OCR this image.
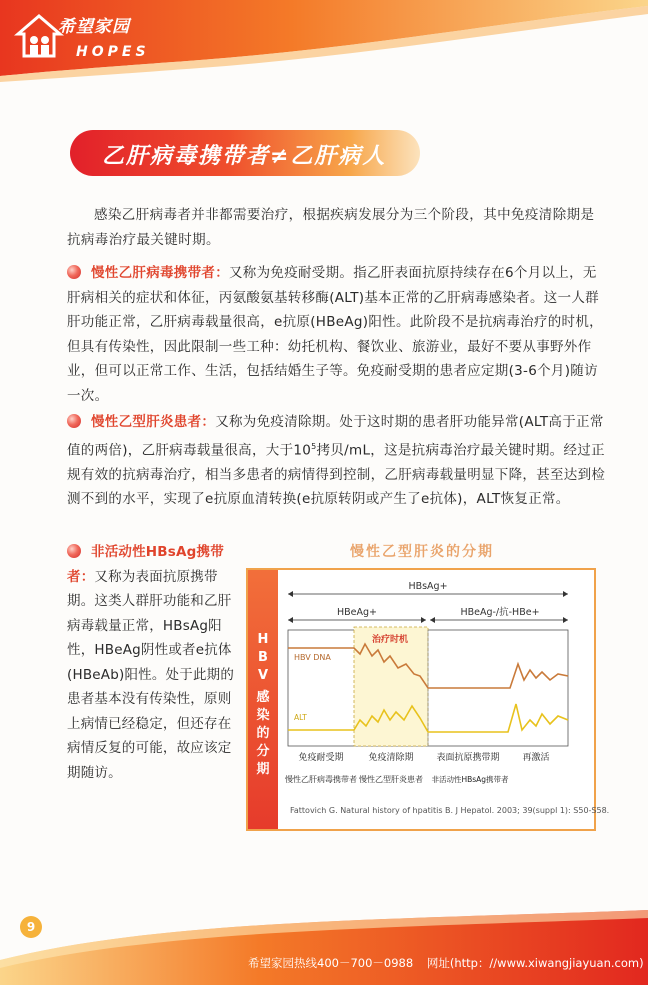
希望家园
HOPES
乙肝病毒携带者≠乙肝病人
感染乙肝病毒者并非都需要治疗，根据疾病发展分为三个阶段，其中免疫清除期是抗病毒治疗最关键时期。
慢性乙肝病毒携带者：又称为免疫耐受期。指乙肝表面抗原持续存在6个月以上，无肝病相关的症状和体征，丙氨酸氨基转移酶(ALT)基本正常的乙肝病毒感染者。这一人群肝功能正常，乙肝病毒载量很高，e抗原(HBeAg)阳性。此阶段不是抗病毒治疗的时机，但具有传染性，因此限制一些工种：幼托机构、餐饮业、旅游业，最好不要从事野外作业，但可以正常工作、生活，包括结婚生子等。免疫耐受期的患者应定期(3-6个月)随访一次。
慢性乙型肝炎患者：又称为免疫清除期。处于这时期的患者肝功能异常(ALT高于正常值的两倍)，乙肝病毒载量很高，大于$10^5$拷贝/mL，这是抗病毒治疗最关键时期。经过正规有效的抗病毒治疗，相当多患者的病情得到控制，乙肝病毒载量明显下降，甚至达到检测不到的水平，实现了e抗原血清转换(e抗原转阴或产生了e抗体)，ALT恢复正常。
非活动性HBsAg携带者：又称为表面抗原携带期。这类人群肝功能和乙肝病毒载量正常，HBsAg阳性，HBeAg阴性或者e抗体(HBeAb)阳性。处于此期的患者基本没有传染性，原则上病情已经稳定，但还存在病情反复的可能，故应该定期随访。
慢性乙型肝炎的分期
H
B
V
感
染
的
分
期
HBsAg+
HBeAg+	HBeAg-/抗-HBe+
治疗时机
HBV DNA
ALT
免疫耐受期	免疫清除期	表面抗原携带期	再激活
慢性乙肝病毒携带者 慢性乙型肝炎患者 非活动性HBsAg携带者
Fattovich G. Natural history of hpatitis B. J Hepatol. 2003; 39(suppl 1): S50-S58.
9
希望家园热线400－700－0988 网址(http：//www.xiwangjiayuan.com)
